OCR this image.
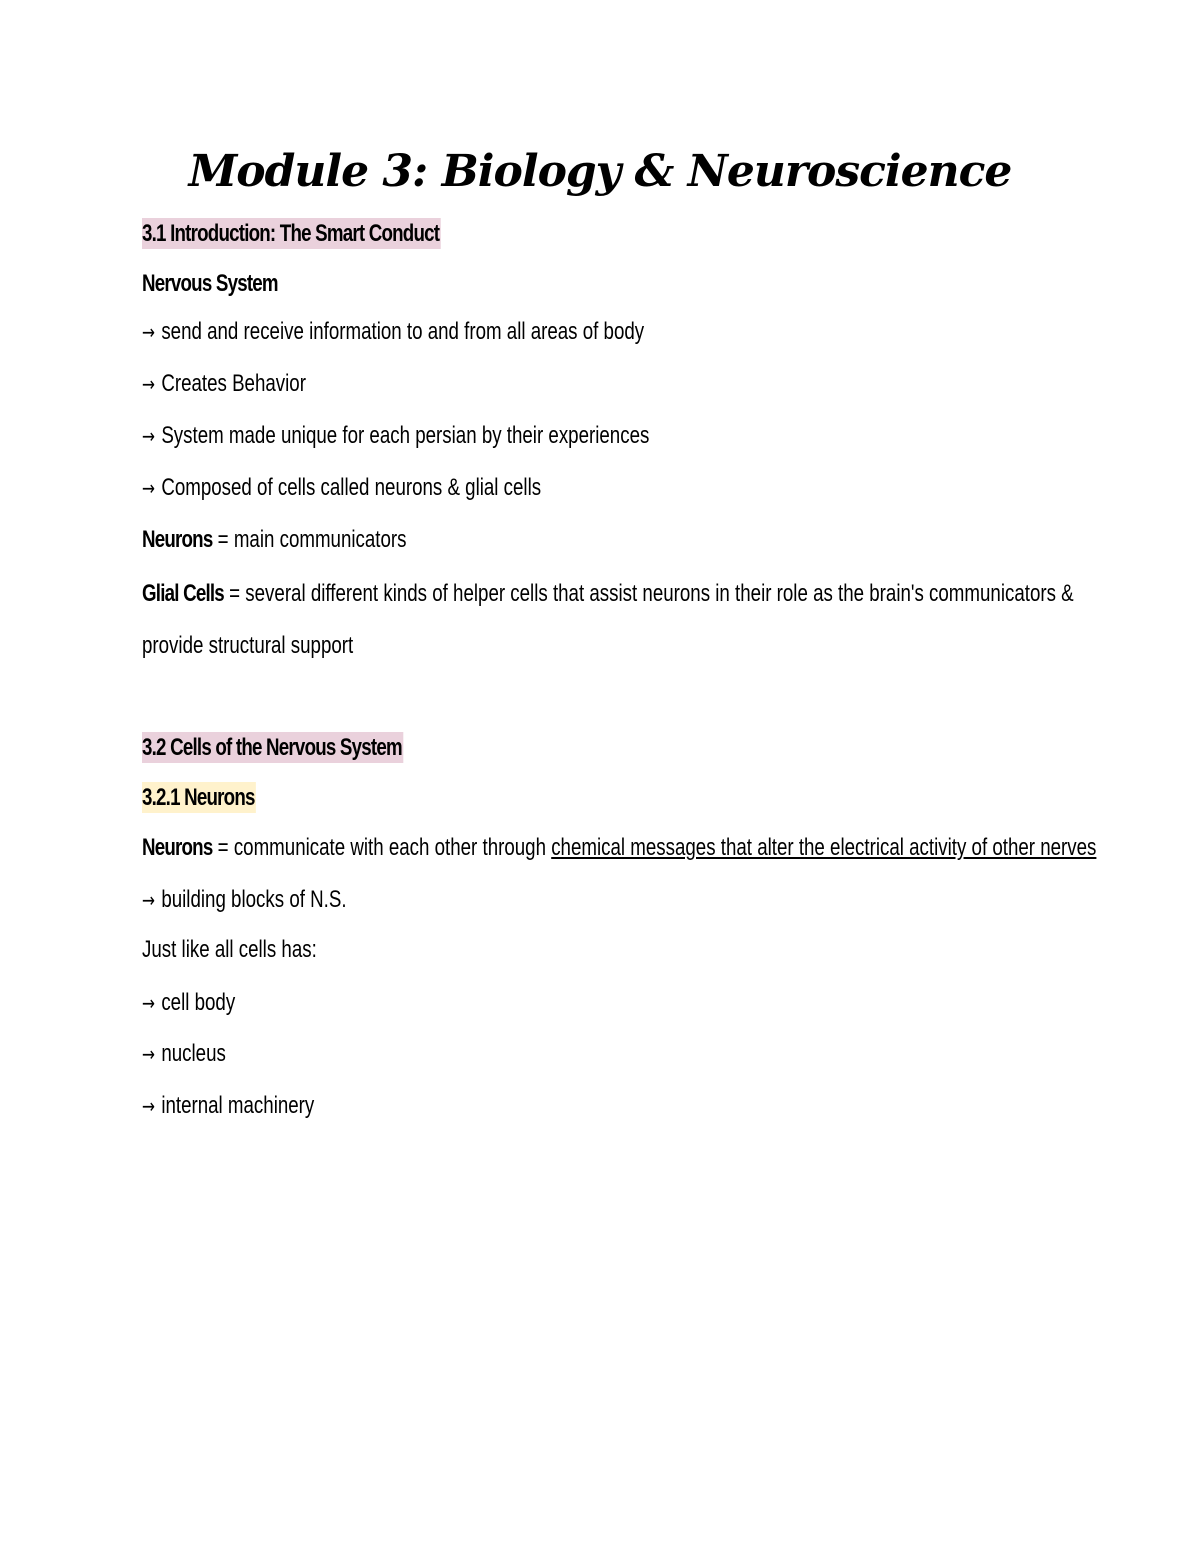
Module 3: Biology & Neuroscience
3.1 Introduction: The Smart Conduct
Nervous System
→ send and receive information to and from all areas of body
→ Creates Behavior
→ System made unique for each persian by their experiences
→ Composed of cells called neurons & glial cells
Neurons = main communicators
Glial Cells = several different kinds of helper cells that assist neurons in their role as the brain's communicators &
provide structural support
3.2 Cells of the Nervous System
3.2.1 Neurons
Neurons = communicate with each other through chemical messages that alter the electrical activity of other nerves
→ building blocks of N.S.
Just like all cells has:
→ cell body
→ nucleus
→ internal machinery
